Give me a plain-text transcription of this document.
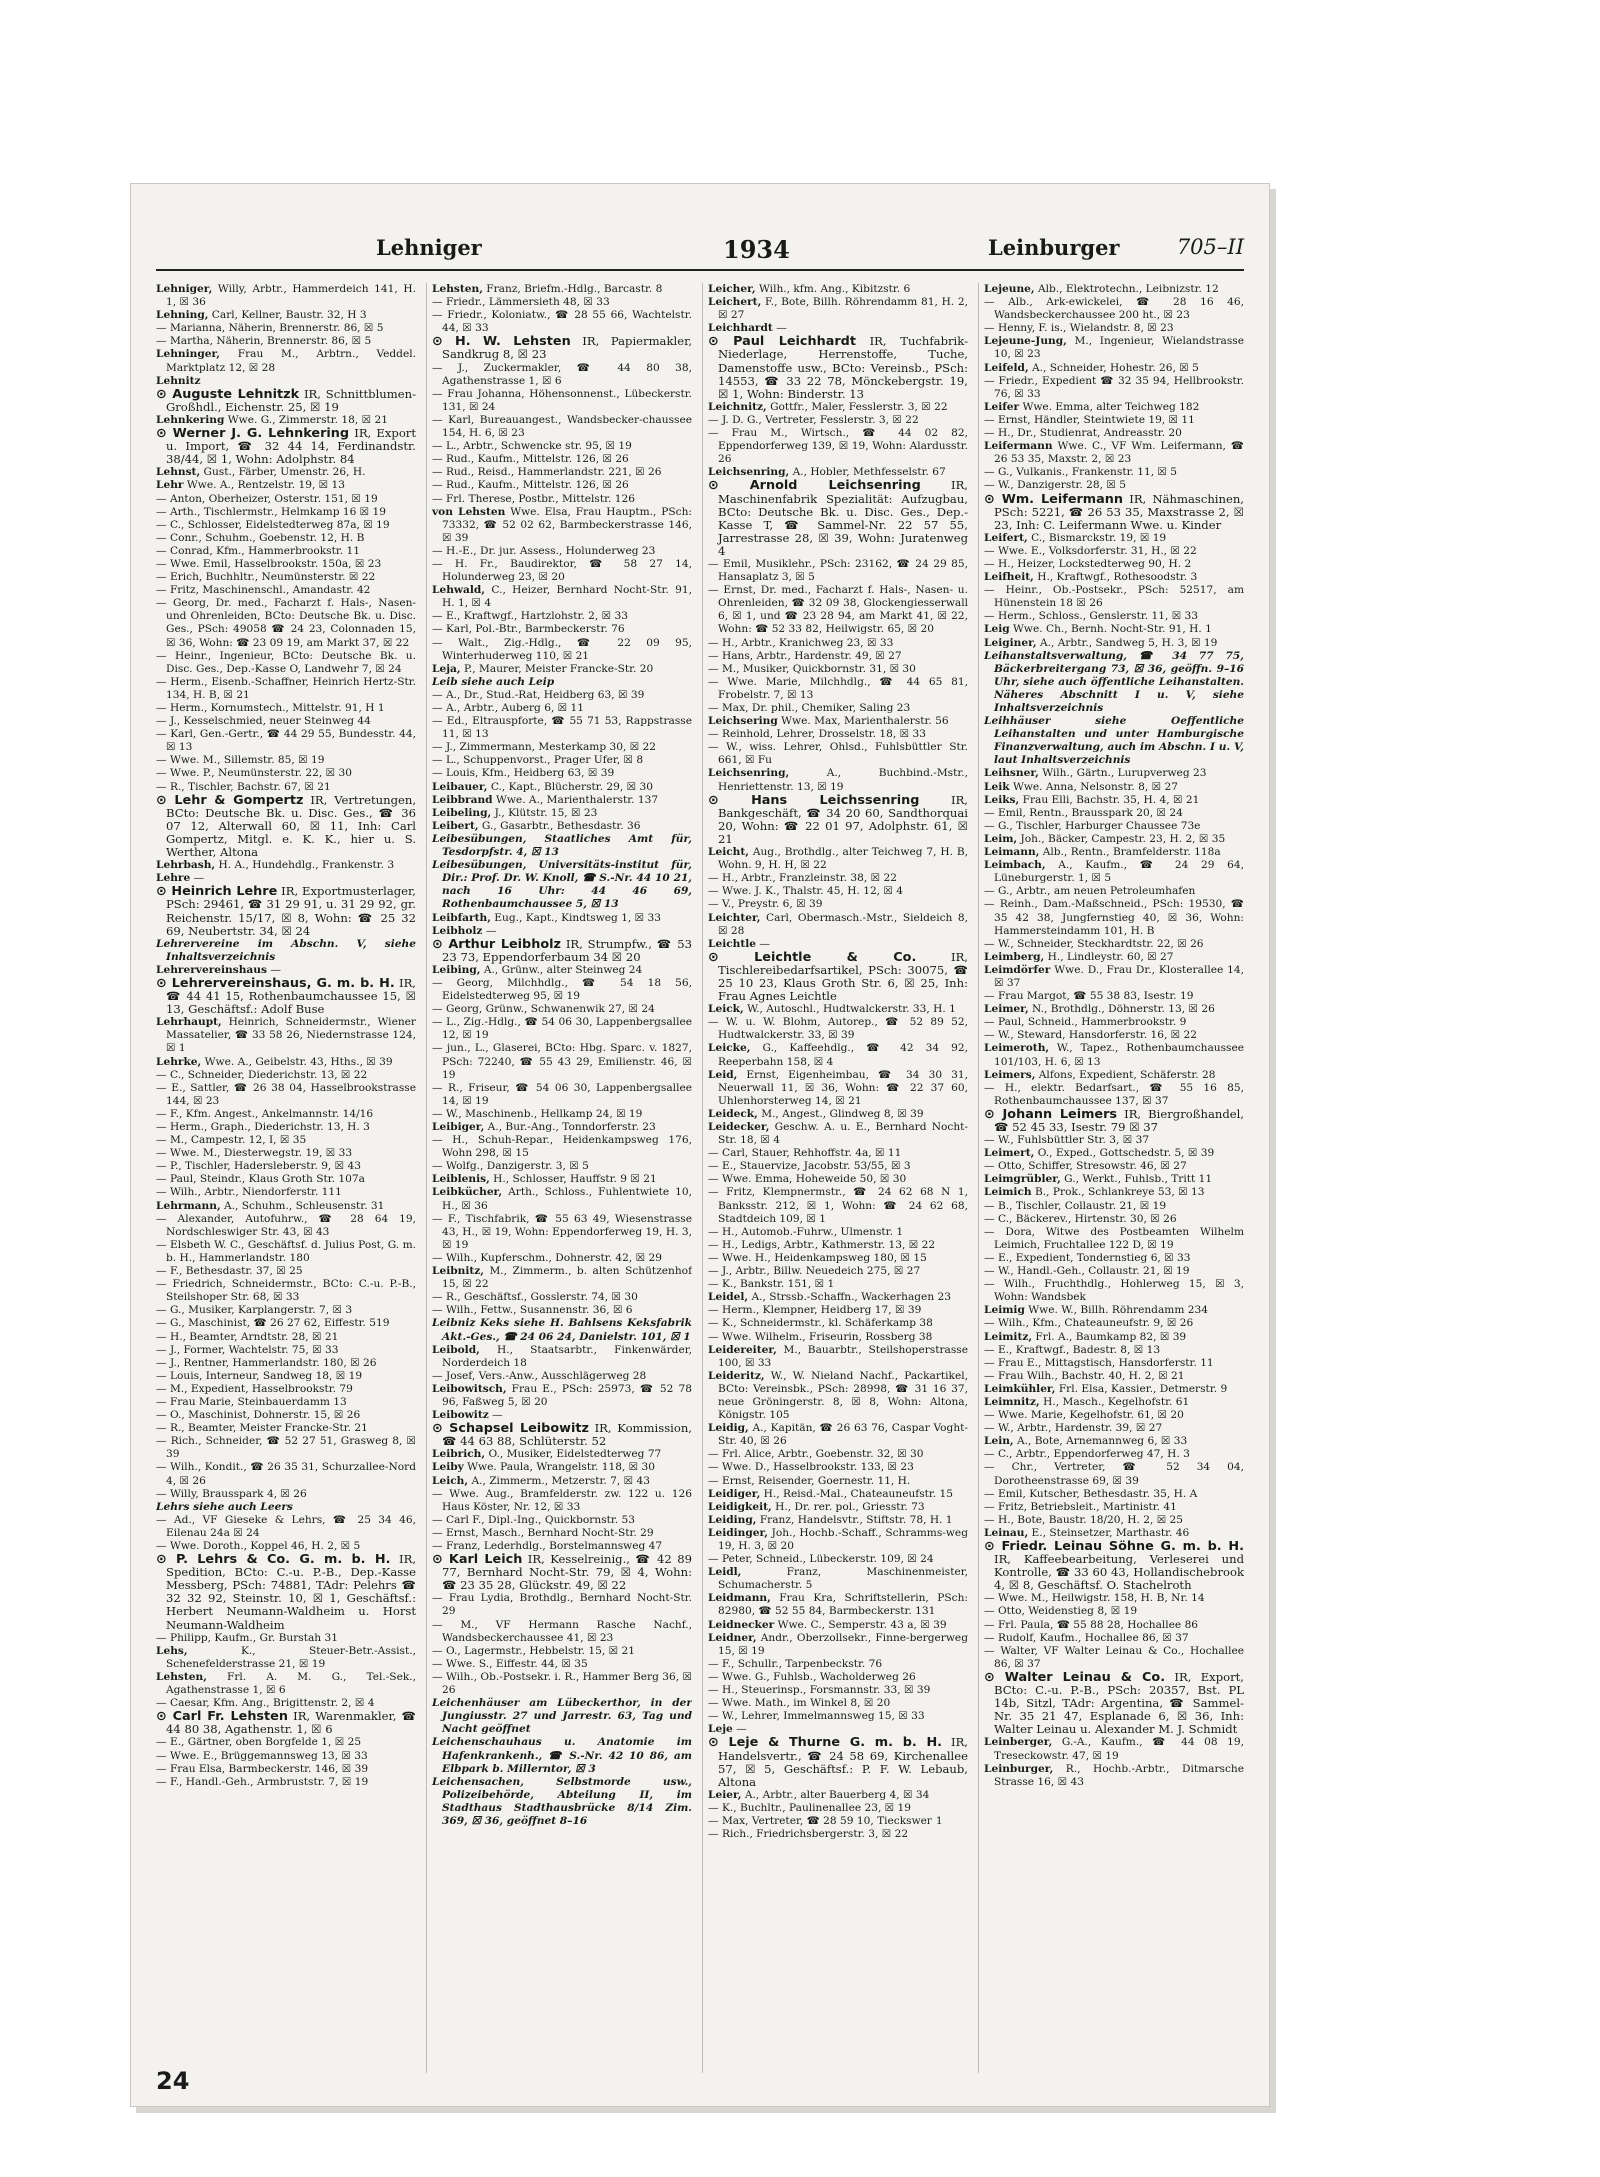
Lehniger	1934	Leinburger	705–II

Lehniger, Willy, Arbtr., Hammerdeich 141, H. 1, ☒ 36

Lehning, Carl, Kellner, Baustr. 32, H 3

— Marianna, Näherin, Brennerstr. 86, ☒ 5

— Martha, Näherin, Brennerstr. 86, ☒ 5

Lehninger, Frau M., Arbtrn., Veddel. Marktplatz 12, ☒ 28

Lehnitz

⊙ Auguste Lehnitzk IR, Schnittblumen-Großhdl., Eichenstr. 25, ☒ 19

Lehnkering Wwe. G., Zimmerstr. 18, ☒ 21

⊙ Werner J. G. Lehnkering IR, Export u. Import, ☎ 32 44 14, Ferdinandstr. 38/44, ☒ 1, Wohn: Adolphstr. 84

Lehnst, Gust., Färber, Umenstr. 26, H.

Lehr Wwe. A., Rentzelstr. 19, ☒ 13

— Anton, Oberheizer, Osterstr. 151, ☒ 19

— Arth., Tischlermstr., Helmkamp 16 ☒ 19

— C., Schlosser, Eidelstedterweg 87a, ☒ 19

— Conr., Schuhm., Goebenstr. 12, H. B

— Conrad, Kfm., Hammerbrookstr. 11

— Wwe. Emil, Hasselbrookstr. 150a, ☒ 23

— Erich, Buchhltr., Neumünsterstr. ☒ 22

— Fritz, Maschinenschl., Amandastr. 42

— Georg, Dr. med., Facharzt f. Hals-, Nasen- und Ohrenleiden, BCto: Deutsche Bk. u. Disc. Ges., PSch: 49058 ☎ 24 23, Colonnaden 15, ☒ 36, Wohn: ☎ 23 09 19, am Markt 37, ☒ 22

— Heinr., Ingenieur, BCto: Deutsche Bk. u. Disc. Ges., Dep.-Kasse O, Landwehr 7, ☒ 24

— Herm., Eisenb.-Schaffner, Heinrich Hertz-Str. 134, H. B, ☒ 21

— Herm., Kornumstech., Mittelstr. 91, H 1

— J., Kesselschmied, neuer Steinweg 44

— Karl, Gen.-Gertr., ☎ 44 29 55, Bundesstr. 44, ☒ 13

— Wwe. M., Sillemstr. 85, ☒ 19

— Wwe. P., Neumünsterstr. 22, ☒ 30

— R., Tischler, Bachstr. 67, ☒ 21

⊙ Lehr & Gompertz IR, Vertretungen, BCto: Deutsche Bk. u. Disc. Ges., ☎ 36 07 12, Alterwall 60, ☒ 11, Inh: Carl Gompertz, Mitgl. e. K. K., hier u. S. Werther, Altona

Lehrbash, H. A., Hundehdlg., Frankenstr. 3

Lehre —

⊙ Heinrich Lehre IR, Exportmusterlager, PSch: 29461, ☎ 31 29 91, u. 31 29 92, gr. Reichenstr. 15/17, ☒ 8, Wohn: ☎ 25 32 69, Neubertstr. 34, ☒ 24

Lehrervereine im Abschn. V, siehe Inhaltsverzeichnis

Lehrervereinshaus —

⊙ Lehrervereinshaus, G. m. b. H. IR, ☎ 44 41 15, Rothenbaumchaussee 15, ☒ 13, Geschäftsf.: Adolf Buse

Lehrhaupt, Heinrich, Schneidermstr., Wiener Massatelier, ☎ 33 58 26, Niedernstrasse 124, ☒ 1

Lehrke, Wwe. A., Geibelstr. 43, Hths., ☒ 39

— C., Schneider, Diederichstr. 13, ☒ 22

— E., Sattler, ☎ 26 38 04, Hasselbrookstrasse 144, ☒ 23

— F., Kfm. Angest., Ankelmannstr. 14/16

— Herm., Graph., Diederichstr. 13, H. 3

— M., Campestr. 12, I, ☒ 35

— Wwe. M., Diesterwegstr. 19, ☒ 33

— P., Tischler, Hadersleberstr. 9, ☒ 43

— Paul, Steindr., Klaus Groth Str. 107a

— Wilh., Arbtr., Niendorferstr. 111

Lehrmann, A., Schuhm., Schleusenstr. 31

— Alexander, Autofuhrw., ☎ 28 64 19, Nordschleswiger Str. 43, ☒ 43

— Elsbeth W. C., Geschäftsf. d. Julius Post, G. m. b. H., Hammerlandstr. 180

— F., Bethesdastr. 37, ☒ 25

— Friedrich, Schneidermstr., BCto: C.-u. P.-B., Steilshoper Str. 68, ☒ 33

— G., Musiker, Karplangerstr. 7, ☒ 3

— G., Maschinist, ☎ 26 27 62, Eiffestr. 519

— H., Beamter, Arndtstr. 28, ☒ 21

— J., Former, Wachtelstr. 75, ☒ 33

— J., Rentner, Hammerlandstr. 180, ☒ 26

— Louis, Interneur, Sandweg 18, ☒ 19

— M., Expedient, Hasselbrookstr. 79

— Frau Marie, Steinbauerdamm 13

— O., Maschinist, Dohnerstr. 15, ☒ 26

— R., Beamter, Meister Francke-Str. 21

— Rich., Schneider, ☎ 52 27 51, Grasweg 8, ☒ 39

— Wilh., Kondit., ☎ 26 35 31, Schurzallee-Nord 4, ☒ 26

— Willy, Brausspark 4, ☒ 26

Lehrs siehe auch Leers

— Ad., VF Gieseke & Lehrs, ☎ 25 34 46, Eilenau 24a ☒ 24

— Wwe. Doroth., Koppel 46, H. 2, ☒ 5

⊙ P. Lehrs & Co. G. m. b. H. IR, Spedition, BCto: C.-u. P.-B., Dep.-Kasse Messberg, PSch: 74881, TAdr: Pelehrs ☎ 32 32 92, Steinstr. 10, ☒ 1, Geschäftsf.: Herbert Neumann-Waldheim u. Horst Neumann-Waldheim

— Philipp, Kaufm., Gr. Burstah 31

Lehs,	K., Steuer-Betr.-Assist., Schenefelderstrasse 21, ☒ 19

Lehsten, Frl. A. M. G., Tel.-Sek., Agathenstrasse 1, ☒ 6

— Caesar, Kfm. Ang., Brigittenstr. 2, ☒ 4

⊙ Carl Fr. Lehsten IR, Warenmakler, ☎ 44 80 38, Agathenstr. 1, ☒ 6

— E., Gärtner, oben Borgfelde 1, ☒ 25

— Wwe. E., Brüggemannsweg 13, ☒ 33

— Frau Elsa, Barmbeckerstr. 146, ☒ 39

— F., Handl.-Geh., Armbruststr. 7, ☒ 19

Lehsten, Franz, Briefm.-Hdlg., Barcastr. 8

— Friedr., Lämmersieth 48, ☒ 33

— Friedr., Koloniatw., ☎ 28 55 66, Wachtelstr. 44, ☒ 33

⊙ H. W. Lehsten IR, Papiermakler, Sandkrug 8, ☒ 23

— J., Zuckermakler, ☎ 44 80 38, Agathenstrasse 1, ☒ 6

— Frau Johanna, Höhensonnenst., Lübeckerstr. 131, ☒ 24

— Karl, Bureauangest., Wandsbecker-chaussee 154, H. 6, ☒ 23

— L., Arbtr., Schwencke str. 95, ☒ 19

— Rud., Kaufm., Mittelstr. 126, ☒ 26

— Rud., Reisd., Hammerlandstr. 221, ☒ 26

— Rud., Kaufm., Mittelstr. 126, ☒ 26

— Frl. Therese, Postbr., Mittelstr. 126

von Lehsten Wwe. Elsa, Frau Hauptm., PSch: 73332, ☎ 52 02 62, Barmbeckerstrasse 146, ☒ 39

— H.-E., Dr. jur. Assess., Holunderweg 23

— H. Fr., Baudirektor, ☎ 58 27 14, Holunderweg 23, ☒ 20

Lehwald, C., Heizer, Bernhard Nocht-Str. 91, H. 1, ☒ 4

— E., Kraftwgf., Hartzlohstr. 2, ☒ 33

— Karl, Pol.-Btr., Barmbeckerstr. 76

— Walt., Zig.-Hdlg., ☎ 22 09 95, Winterhuderweg 110, ☒ 21

Leja, P., Maurer, Meister Francke-Str. 20

Leib siehe auch Leip

— A., Dr., Stud.-Rat, Heidberg 63, ☒ 39

— A., Arbtr., Auberg 6, ☒ 11

— Ed., Eltrauspforte, ☎ 55 71 53, Rappstrasse 11, ☒ 13

— J., Zimmermann, Mesterkamp 30, ☒ 22

— L., Schuppenvorst., Prager Ufer, ☒ 8

— Louis, Kfm., Heidberg 63, ☒ 39

Leibauer, C., Kapt., Blücherstr. 29, ☒ 30

Leibbrand Wwe. A., Marienthalerstr. 137

Leibeling, J., Klütstr. 15, ☒ 23

Leibert, G., Gasarbtr., Bethesdastr. 36

Leibesübungen, Staatliches Amt für, Tesdorpfstr. 4, ☒ 13

Leibesübungen, Universitäts-institut für, Dir.: Prof. Dr. W. Knoll, ☎ S.-Nr. 44 10 21, nach 16 Uhr: 44 46 69, Rothenbaumchaussee 5, ☒ 13

Leibfarth, Eug., Kapt., Kindtsweg 1, ☒ 33

Leibholz —

⊙ Arthur Leibholz IR, Strumpfw., ☎ 53 23 73, Eppendorferbaum 34 ☒ 20

Leibing, A., Grünw., alter Steinweg 24

— Georg, Milchhdlg., ☎ 54 18 56, Eidelstedterweg 95, ☒ 19

— Georg, Grünw., Schwanenwik 27, ☒ 24

— L., Zig.-Hdlg., ☎ 54 06 30, Lappenbergsallee 12, ☒ 19

— jun., L., Glaserei, BCto: Hbg. Sparc. v. 1827, PSch: 72240, ☎ 55 43 29, Emilienstr. 46, ☒ 19

— R., Friseur, ☎ 54 06 30, Lappenbergsallee 14, ☒ 19

— W., Maschinenb., Hellkamp 24, ☒ 19

Leibiger, A., Bur.-Ang., Tonndorferstr. 23

— H., Schuh-Repar., Heidenkampsweg 176, Wohn 298, ☒ 15

— Wolfg., Danzigerstr. 3, ☒ 5

Leiblenis, H., Schlosser, Hauffstr. 9 ☒ 21

Leibkücher, Arth., Schloss., Fuhlentwiete 10, H., ☒ 36

— F., Tischfabrik, ☎ 55 63 49, Wiesenstrasse 43, H., ☒ 19, Wohn: Eppendorferweg 19, H. 3, ☒ 19

— Wilh., Kupferschm., Dohnerstr. 42, ☒ 29

Leibnitz, M., Zimmerm., b. alten Schützenhof 15, ☒ 22

— R., Geschäftsf., Gosslerstr. 74, ☒ 30

— Wilh., Fettw., Susannenstr. 36, ☒ 6

Leibniz Keks siehe H. Bahlsens Keksfabrik Akt.-Ges., ☎ 24 06 24, Danielstr. 101, ☒ 1

Leibold, H., Staatsarbtr., Finkenwärder, Norderdeich 18

— Josef, Vers.-Anw., Ausschlägerweg 28

Leibowitsch, Frau E., PSch: 25973, ☎ 52 78 96, Faßweg 5, ☒ 20

Leibowitz —

⊙ Schapsel Leibowitz IR, Kommission, ☎ 44 63 88, Schlüterstr. 52

Leibrich, O., Musiker, Eidelstedterweg 77

Leiby Wwe. Paula, Wrangelstr. 118, ☒ 30

Leich, A., Zimmerm., Metzerstr. 7, ☒ 43

— Wwe. Aug., Bramfelderstr. zw. 122 u. 126 Haus Köster, Nr. 12, ☒ 33

— Carl F., Dipl.-Ing., Quickbornstr. 53

— Ernst, Masch., Bernhard Nocht-Str. 29

— Franz, Lederhdlg., Borstelmannsweg 47

⊙ Karl Leich IR, Kesselreinig., ☎ 42 89 77, Bernhard Nocht-Str. 79, ☒ 4, Wohn: ☎ 23 35 28, Glückstr. 49, ☒ 22

— Frau Lydia, Brothdlg., Bernhard Nocht-Str. 29

— M., VF Hermann Rasche Nachf., Wandsbeckerchaussee 41, ☒ 23

— O., Lagermstr., Hebbelstr. 15, ☒ 21

— Wwe. S., Eiffestr. 44, ☒ 35

— Wilh., Ob.-Postsekr. i. R., Hammer Berg 36, ☒ 26

Leichenhäuser am Lübeckerthor, in der Jungiusstr. 27 und Jarrestr. 63, Tag und Nacht geöffnet

Leichenschauhaus u. Anatomie im Hafenkrankenh., ☎ S.-Nr. 42 10 86, am Elbpark b. Millerntor, ☒ 3

Leichensachen, Selbstmorde usw., Polizeibehörde, Abteilung II, im Stadthaus Stadthausbrücke 8/14 Zim. 369, ☒ 36, geöffnet 8–16

Leicher, Wilh., kfm. Ang., Kibitzstr. 6

Leichert, F., Bote, Billh. Röhrendamm 81, H. 2, ☒ 27

Leichhardt —

⊙ Paul Leichhardt IR, Tuchfabrik-Niederlage, Herrenstoffe, Tuche, Damenstoffe usw., BCto: Vereinsb., PSch: 14553, ☎ 33 22 78, Mönckebergstr. 19, ☒ 1, Wohn: Binderstr. 13

Leichnitz, Gottfr., Maler, Fesslerstr. 3, ☒ 22

— J. D. G., Vertreter, Fesslerstr. 3, ☒ 22

— Frau M., Wirtsch., ☎ 44 02 82, Eppendorferweg 139, ☒ 19, Wohn: Alardusstr. 26

Leichsenring, A., Hobler, Methfesselstr. 67

⊙ Arnold Leichsenring	IR, Maschinenfabrik Spezialität: Aufzugbau, BCto: Deutsche Bk. u. Disc. Ges., Dep.-Kasse T, ☎ Sammel-Nr. 22 57 55, Jarrestrasse 28, ☒ 39, Wohn: Juratenweg 4

— Emil, Musiklehr., PSch: 23162, ☎ 24 29 85, Hansaplatz 3, ☒ 5

— Ernst, Dr. med., Facharzt f. Hals-, Nasen- u. Ohrenleiden, ☎ 32 09 38, Glockengiesserwall 6, ☒ 1, und ☎ 23 28 94, am Markt 41, ☒ 22, Wohn: ☎ 52 33 82, Heilwigstr. 65, ☒ 20

— H., Arbtr., Kranichweg 23, ☒ 33

— Hans, Arbtr., Hardenstr. 49, ☒ 27

— M., Musiker, Quickbornstr. 31, ☒ 30

— Wwe. Marie, Milchhdlg., ☎ 44 65 81, Frobelstr. 7, ☒ 13

— Max, Dr. phil., Chemiker, Saling 23

Leichsering Wwe. Max, Marienthalerstr. 56

— Reinhold, Lehrer, Drosselstr. 18, ☒ 33

— W., wiss. Lehrer, Ohlsd., Fuhlsbüttler Str. 661, ☒ Fu

Leichsenring,	A., Buchbind.-Mstr., Henriettenstr. 13, ☒ 19

⊙ Hans Leichssenring	IR, Bankgeschäft, ☎ 34 20 60, Sandthorquai 20, Wohn: ☎ 22 01 97, Adolphstr. 61, ☒ 21

Leicht, Aug., Brothdlg., alter Teichweg 7, H. B, Wohn. 9, H. H, ☒ 22

— H., Arbtr., Franzleinstr. 38, ☒ 22

— Wwe. J. K., Thalstr. 45, H. 12, ☒ 4

— V., Preystr. 6, ☒ 39

Leichter, Carl, Obermasch.-Mstr., Sieldeich 8, ☒ 28

Leichtle —

⊙ Leichtle & Co.	IR, Tischlereibedarfsartikel, PSch: 30075, ☎ 25 10 23, Klaus Groth Str. 6, ☒ 25, Inh: Frau Agnes Leichtle

Leick, W., Autoschl., Hudtwalckerstr. 33, H. 1

— W. u. W. Blohm, Autorep., ☎ 52 89 52, Hudtwalckerstr. 33, ☒ 39

Leicke, G., Kaffeehdlg., ☎ 42 34 92, Reeperbahn 158, ☒ 4

Leid, Ernst, Eigenheimbau, ☎ 34 30 31, Neuerwall 11, ☒ 36, Wohn: ☎ 22 37 60, Uhlenhorsterweg 14, ☒ 21

Leideck, M., Angest., Glindweg 8, ☒ 39

Leidecker, Geschw. A. u. E., Bernhard Nocht-Str. 18, ☒ 4

— Carl, Stauer, Rehhoffstr. 4a, ☒ 11

— E., Stauervize, Jacobstr. 53/55, ☒ 3

— Wwe. Emma, Hoheweide 50, ☒ 30

— Fritz, Klempnermstr., ☎ 24 62 68 N 1, Banksstr. 212, ☒ 1, Wohn: ☎ 24 62 68, Stadtdeich 109, ☒ 1

— H., Automob.-Fuhrw., Ulmenstr. 1

— H., Ledigs, Arbtr., Kathmerstr. 13, ☒ 22

— Wwe. H., Heidenkampsweg 180, ☒ 15

— J., Arbtr., Billw. Neuedeich 275, ☒ 27

— K., Bankstr. 151, ☒ 1

Leidel, A., Strssb.-Schaffn., Wackerhagen 23

— Herm., Klempner, Heidberg 17, ☒ 39

— K., Schneidermstr., kl. Schäferkamp 38

— Wwe. Wilhelm., Friseurin, Rossberg 38

Leidereiter, M., Bauarbtr., Steilshoperstrasse 100, ☒ 33

Leideritz, W., W. Nieland Nachf., Packartikel, BCto: Vereinsbk., PSch: 28998, ☎ 31 16 37, neue Gröningerstr. 8, ☒ 8, Wohn: Altona, Königstr. 105

Leidig, A., Kapitän, ☎ 26 63 76, Caspar Voght-Str. 40, ☒ 26

— Frl. Alice, Arbtr., Goebenstr. 32, ☒ 30

— Wwe. D., Hasselbrookstr. 133, ☒ 23

— Ernst, Reisender, Goernestr. 11, H.

Leidiger, H., Reisd.-Mal., Chateauneufstr. 15

Leidigkeit, H., Dr. rer. pol., Griesstr. 73

Leiding, Franz, Handelsvtr., Stiftstr. 78, H. 1

Leidinger, Joh., Hochb.-Schaff., Schramms-weg 19, H. 3, ☒ 20

— Peter, Schneid., Lübeckerstr. 109, ☒ 24

Leidl,	Franz, Maschinenmeister, Schumacherstr. 5

Leidmann, Frau Kra, Schriftstellerin, PSch: 82980, ☎ 52 55 84, Barmbeckerstr. 131

Leidnecker Wwe. C., Semperstr. 43 a, ☒ 39

Leidner, Andr., Oberzollsekr., Finne-bergerweg 15, ☒ 19

— F., Schullr., Tarpenbeckstr. 76

— Wwe. G., Fuhlsb., Wacholderweg 26

— H., Steuerinsp., Forsmannstr. 33, ☒ 39

— Wwe. Math., im Winkel 8, ☒ 20

— W., Lehrer, Immelmannsweg 15, ☒ 33

Leje —

⊙ Leje & Thurne G. m. b. H. IR, Handelsvertr., ☎ 24 58 69, Kirchenallee 57, ☒ 5, Geschäftsf.: P. F. W. Lebaub, Altona

Leier, A., Arbtr., alter Bauerberg 4, ☒ 34

— K., Buchltr., Paulinenallee 23, ☒ 19

— Max, Vertreter, ☎ 28 59 10, Tieckswег 1

— Rich., Friedrichsbergerstr. 3, ☒ 22

Lejeune, Alb., Elektrotechn., Leibnizstr. 12

— Alb., Ark-ewickelei, ☎ 28 16 46, Wandsbeckerchaussee 200 ht., ☒ 23

— Henny, F. is., Wielandstr. 8, ☒ 23

Lejeune-Jung, M., Ingenieur, Wielandstrasse 10, ☒ 23

Leifeld, A., Schneider, Hohestr. 26, ☒ 5

— Friedr., Expedient ☎ 32 35 94, Hellbrookstr. 76, ☒ 33

Leifer Wwe. Emma, alter Teichweg 182

— Ernst, Händler, Steintwiete 19, ☒ 11

— H., Dr., Studienrat, Andreasstr. 20

Leifermann Wwe. C., VF Wm. Leifermann, ☎ 26 53 35, Maxstr. 2, ☒ 23

— G., Vulkanis., Frankenstr. 11, ☒ 5

— W., Danzigerstr. 28, ☒ 5

⊙ Wm. Leifermann IR, Nähmaschinen, PSch: 5221, ☎ 26 53 35, Maxstrasse 2, ☒ 23, Inh: C. Leifermann Wwe. u. Kinder

Leifert, C., Bismarckstr. 19, ☒ 19

— Wwe. E., Volksdorferstr. 31, H., ☒ 22

— H., Heizer, Lockstedterweg 90, H. 2

Leifheit, H., Kraftwgf., Rothesoodstr. 3

— Heinr., Ob.-Postsekr., PSch: 52517, am Hünenstein 18 ☒ 26

— Herm., Schloss., Genslerstr. 11, ☒ 33

Leig Wwe. Ch., Bernh. Nocht-Str. 91, H. 1

Leiginer, A., Arbtr., Sandweg 5, H. 3, ☒ 19

Leihanstaltsverwaltung, ☎ 34 77 75, Bäckerbreitergang 73, ☒ 36, geöffn. 9–16 Uhr, siehe auch öffentliche Leihanstalten. Näheres Abschnitt I u. V, siehe Inhaltsverzeichnis

Leihhäuser	siehe Oeffentliche Leihanstalten und unter Hamburgische Finanzverwaltung, auch im Abschn. I u. V, laut Inhaltsverzeichnis

Leihsner, Wilh., Gärtn., Lurupverweg 23

Leik Wwe. Anna, Nelsonstr. 8, ☒ 27

Leiks, Frau Elli, Bachstr. 35, H. 4, ☒ 21

— Emil, Rentn., Brausspark 20, ☒ 24

— G., Tischler, Harburger Chaussee 73e

Leim, Joh., Bäcker, Campestr. 23, H. 2, ☒ 35

Leimann, Alb., Rentn., Bramfelderstr. 118a

Leimbach, A., Kaufm., ☎ 24 29 64, Lüneburgerstr. 1, ☒ 5

— G., Arbtr., am neuen Petroleumhafen

— Reinh., Dam.-Maßschneid., PSch: 19530, ☎ 35 42 38, Jungfernstieg 40, ☒ 36, Wohn: Hammersteindamm 101, H. B

— W., Schneider, Steckhardtstr. 22, ☒ 26

Leimberg, H., Lindleystr. 60, ☒ 27

Leimdörfer Wwe. D., Frau Dr., Klosterallee 14, ☒ 37

— Frau Margot, ☎ 55 38 83, Isestr. 19

Leimer, N., Brothdlg., Döhnerstr. 13, ☒ 26

— Paul, Schneid., Hammerbrookstr. 9

— W., Steward, Hansdorferstr. 16, ☒ 22

Leimeroth, W., Tapez., Rothenbaumchaussee 101/103, H. 6, ☒ 13

Leimers, Alfons, Expedient, Schäferstr. 28

— H., elektr. Bedarfsart., ☎ 55 16 85, Rothenbaumchaussee 137, ☒ 37

⊙ Johann Leimers IR, Biergroßhandel, ☎ 52 45 33, Isestr. 79 ☒ 37

— W., Fuhlsbüttler Str. 3, ☒ 37

Leimert, O., Exped., Gottschedstr. 5, ☒ 39

— Otto, Schiffer, Stresowstr. 46, ☒ 27

Leimgrübler, G., Werkt., Fuhlsb., Tritt 11

Leimich B., Prok., Schlankreye 53, ☒ 13

— B., Tischler, Collaustr. 21, ☒ 19

— C., Bäckerev., Hirtenstr. 30, ☒ 26

— Dora, Witwe des Postbeamten Wilhelm Leimich, Fruchtallee 122 D, ☒ 19

— E., Expedient, Tondernstieg 6, ☒ 33

— W., Handl.-Geh., Collaustr. 21, ☒ 19

— Wilh., Fruchthdlg., Hohlerweg 15, ☒ 3, Wohn: Wandsbek

Leimig Wwe. W., Billh. Röhrendamm 234

— Wilh., Kfm., Chateauneufstr. 9, ☒ 26

Leimitz, Frl. A., Baumkamp 82, ☒ 39

— E., Kraftwgf., Badestr. 8, ☒ 13

— Frau E., Mittagstisch, Hansdorferstr. 11

— Frau Wilh., Bachstr. 40, H. 2, ☒ 21

Leimkühler, Frl. Elsa, Kassier., Detmerstr. 9

Leimnitz, H., Masch., Kegelhofstr. 61

— Wwe. Marie, Kegelhofstr. 61, ☒ 20

— W., Arbtr., Hardenstr. 39, ☒ 27

Lein, A., Bote, Arnemannweg 6, ☒ 33

— C., Arbtr., Eppendorferweg 47, H. 3

— Chr., Vertreter, ☎ 52 34 04, Dorotheenstrasse 69, ☒ 39

— Emil, Kutscher, Bethesdastr. 35, H. A

— Fritz, Betriebsleit., Martinistr. 41

— H., Bote, Baustr. 18/20, H. 2, ☒ 25

Leinau, E., Steinsetzer, Marthastr. 46

⊙ Friedr. Leinau Söhne G. m. b. H. IR, Kaffeebearbeitung, Verleserei und Kontrolle, ☎ 33 60 43, Hollandischebrook 4, ☒ 8, Geschäftsf. O. Stachelroth

— Wwe. M., Heilwigstr. 158, H. B, Nr. 14

— Otto, Weidenstieg 8, ☒ 19

— Frl. Paula, ☎ 55 88 28, Hochallee 86

— Rudolf, Kaufm., Hochallee 86, ☒ 37

— Walter, VF Walter Leinau & Co., Hochallee 86, ☒ 37

⊙ Walter Leinau & Co. IR, Export, BCto: C.-u. P.-B., PSch: 20357, Bst. PL 14b, Sitzl, TAdr: Argentina, ☎ Sammel-Nr. 35 21 47, Esplanade 6, ☒ 36, Inh: Walter Leinau u. Alexander M. J. Schmidt

Leinberger, G.-A., Kaufm., ☎ 44 08 19, Treseckowstr. 47, ☒ 19

Leinburger, R., Hochb.-Arbtr., Ditmarsche Strasse 16, ☒ 43

24
